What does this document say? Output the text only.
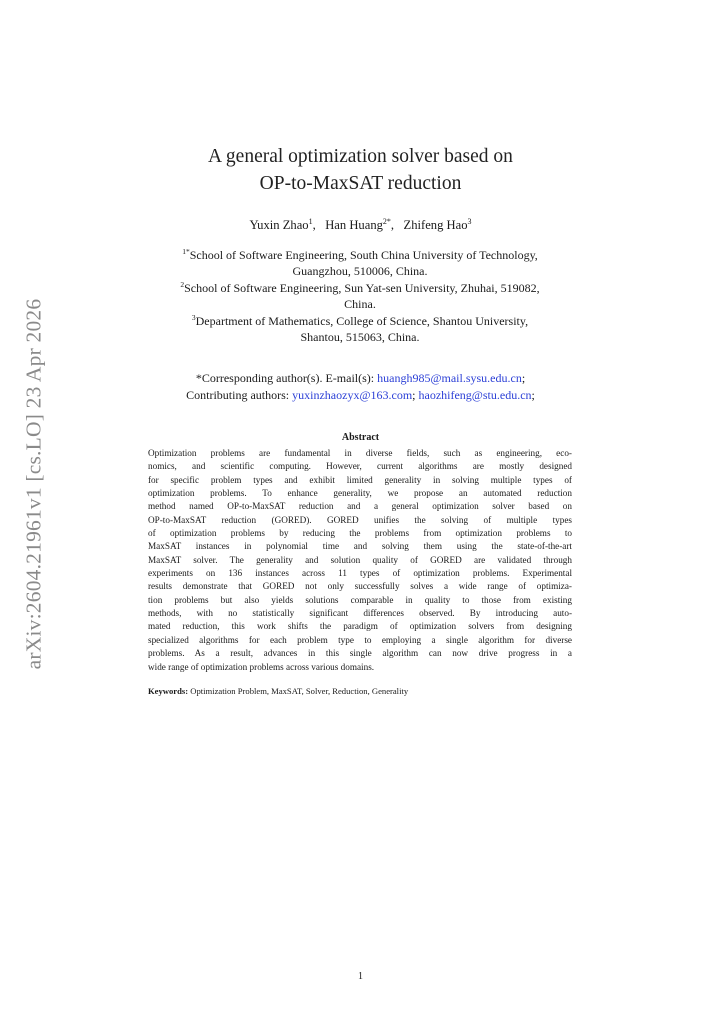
arXiv:2604.21961v1 [cs.LO] 23 Apr 2026
A general optimization solver based on
OP-to-MaxSAT reduction
Yuxin Zhao$^1$,   Han Huang$^{2*}$,   Zhifeng Hao$^3$
$^{1*}$School of Software Engineering, South China University of Technology,
Guangzhou, 510006, China.
$^2$School of Software Engineering, Sun Yat-sen University, Zhuhai, 519082,
China.
$^3$Department of Mathematics, College of Science, Shantou University,
Shantou, 515063, China.
*Corresponding author(s). E-mail(s): huangh985@mail.sysu.edu.cn;
Contributing authors: yuxinzhaozyx@163.com; haozhifeng@stu.edu.cn;
Abstract
Optimization problems are fundamental in diverse fields, such as engineering, eco-
nomics, and scientific computing. However, current algorithms are mostly designed
for specific problem types and exhibit limited generality in solving multiple types of
optimization problems. To enhance generality, we propose an automated reduction
method named OP-to-MaxSAT reduction and a general optimization solver based on
OP-to-MaxSAT reduction (GORED). GORED unifies the solving of multiple types
of optimization problems by reducing the problems from optimization problems to
MaxSAT instances in polynomial time and solving them using the state-of-the-art
MaxSAT solver. The generality and solution quality of GORED are validated through
experiments on 136 instances across 11 types of optimization problems. Experimental
results demonstrate that GORED not only successfully solves a wide range of optimiza-
tion problems but also yields solutions comparable in quality to those from existing
methods, with no statistically significant differences observed. By introducing auto-
mated reduction, this work shifts the paradigm of optimization solvers from designing
specialized algorithms for each problem type to employing a single algorithm for diverse
problems. As a result, advances in this single algorithm can now drive progress in a
wide range of optimization problems across various domains.
Keywords: Optimization Problem, MaxSAT, Solver, Reduction, Generality
1
